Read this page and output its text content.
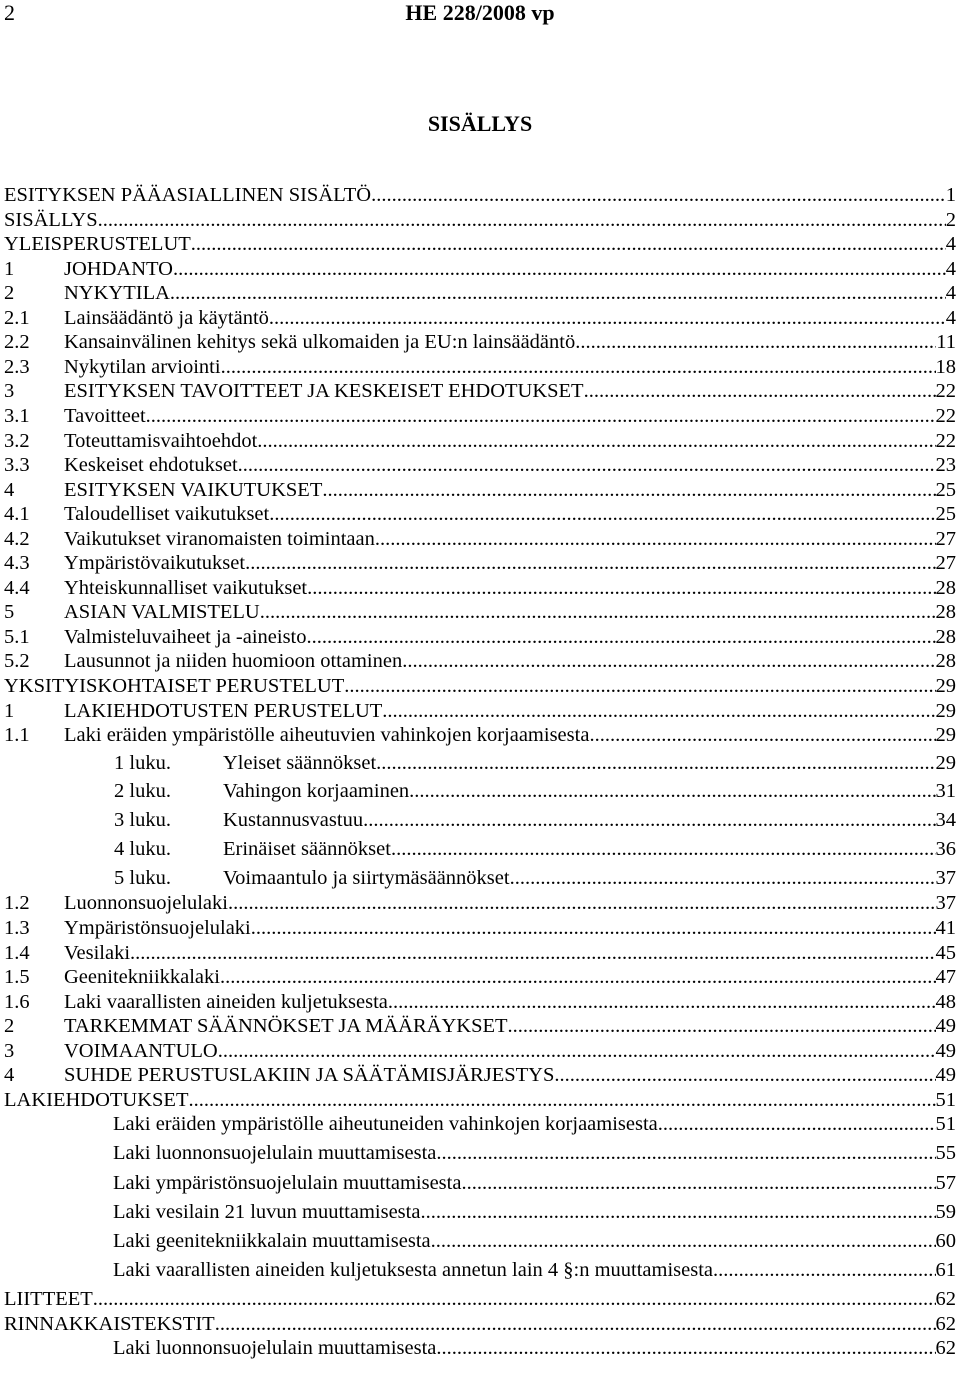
2	HE 228/2008 vp
SISÄLLYS
ESITYKSEN PÄÄASIALLINEN SISÄLTÖ .....	1
SISÄLLYS .....	2
YLEISPERUSTELUT .....	4
1 JOHDANTO .....	4
2 NYKYTILA .....	4
2.1 Lainsäädäntö ja käytäntö .....	4
2.2 Kansainvälinen kehitys sekä ulkomaiden ja EU:n lainsäädäntö .....	11
2.3 Nykytilan arviointi .....	18
3 ESITYKSEN TAVOITTEET JA KESKEISET EHDOTUKSET .....	22
3.1 Tavoitteet .....	22
3.2 Toteuttamisvaihtoehdot .....	22
3.3 Keskeiset ehdotukset .....	23
4 ESITYKSEN VAIKUTUKSET .....	25
4.1 Taloudelliset vaikutukset .....	25
4.2 Vaikutukset viranomaisten toimintaan .....	27
4.3 Ympäristövaikutukset .....	27
4.4 Yhteiskunnalliset vaikutukset .....	28
5 ASIAN VALMISTELU .....	28
5.1 Valmisteluvaiheet ja -aineisto .....	28
5.2 Lausunnot ja niiden huomioon ottaminen .....	28
YKSITYISKOHTAISET PERUSTELUT .....	29
1 LAKIEHDOTUSTEN PERUSTELUT .....	29
1.1 Laki eräiden ympäristölle aiheutuvien vahinkojen korjaamisesta .....	29
1 luku.	Yleiset säännökset .....	29
2 luku.	Vahingon korjaaminen .....	31
3 luku.	Kustannusvastuu .....	34
4 luku.	Erinäiset säännökset .....	36
5 luku.	Voimaantulo ja siirtymäsäännökset .....	37
1.2 Luonnonsuojelulaki .....	37
1.3 Ympäristönsuojelulaki .....	41
1.4 Vesilaki .....	45
1.5 Geenitekniikkalaki .....	47
1.6 Laki vaarallisten aineiden kuljetuksesta .....	48
2 TARKEMMAT SÄÄNNÖKSET JA MÄÄRÄYKSET .....	49
3 VOIMAANTULO .....	49
4 SUHDE PERUSTUSLAKIIN JA SÄÄTÄMISJÄRJESTYS .....	49
LAKIEHDOTUKSET .....	51
Laki eräiden ympäristölle aiheutuneiden vahinkojen korjaamisesta .....	51
Laki luonnonsuojelulain muuttamisesta .....	55
Laki ympäristönsuojelulain muuttamisesta .....	57
Laki vesilain 21 luvun muuttamisesta .....	59
Laki geenitekniikkalain muuttamisesta .....	60
Laki vaarallisten aineiden kuljetuksesta annetun lain 4 §:n muuttamisesta .....	61
LIITTEET .....	62
RINNAKKAISTEKSTIT .....	62
Laki luonnonsuojelulain muuttamisesta .....	62
